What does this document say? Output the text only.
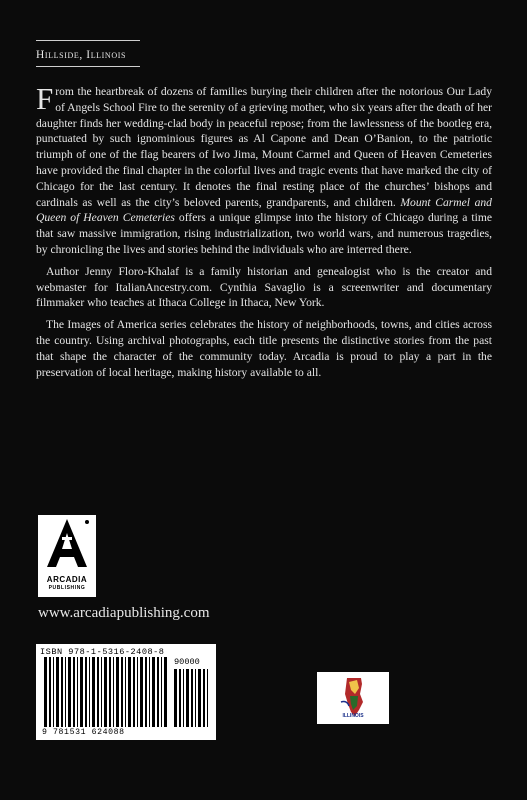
Hillside, Illinois

From the heartbreak of dozens of families burying their children after the notorious Our Lady of Angels School Fire to the serenity of a grieving mother, who six years after the death of her daughter finds her wedding-clad body in peaceful repose; from the lawlessness of the bootleg era, punctuated by such ignominious figures as Al Capone and Dean O’Banion, to the patriotic triumph of one of the flag bearers of Iwo Jima, Mount Carmel and Queen of Heaven Cemeteries have provided the final chapter in the colorful lives and tragic events that have marked the city of Chicago for the last century. It denotes the final resting place of the churches’ bishops and cardinals as well as the city’s beloved parents, grandparents, and children. Mount Carmel and Queen of Heaven Cemeteries offers a unique glimpse into the history of Chicago during a time that saw massive immigration, rising industrialization, two world wars, and numerous tragedies, by chronicling the lives and stories behind the individuals who are interred there.

Author Jenny Floro-Khalaf is a family historian and genealogist who is the creator and webmaster for ItalianAncestry.com. Cynthia Savaglio is a screenwriter and documentary filmmaker who teaches at Ithaca College in Ithaca, New York.

The Images of America series celebrates the history of neighborhoods, towns, and cities across the country. Using archival photographs, each title presents the distinctive stories from the past that shape the character of the community today. Arcadia is proud to play a part in the preservation of local heritage, making history available to all.

ARCADIA
PUBLISHING
www.arcadiapublishing.com
ISBN 978-1-5316-2408-8
90000
9 781531 624088
ILLINOIS
